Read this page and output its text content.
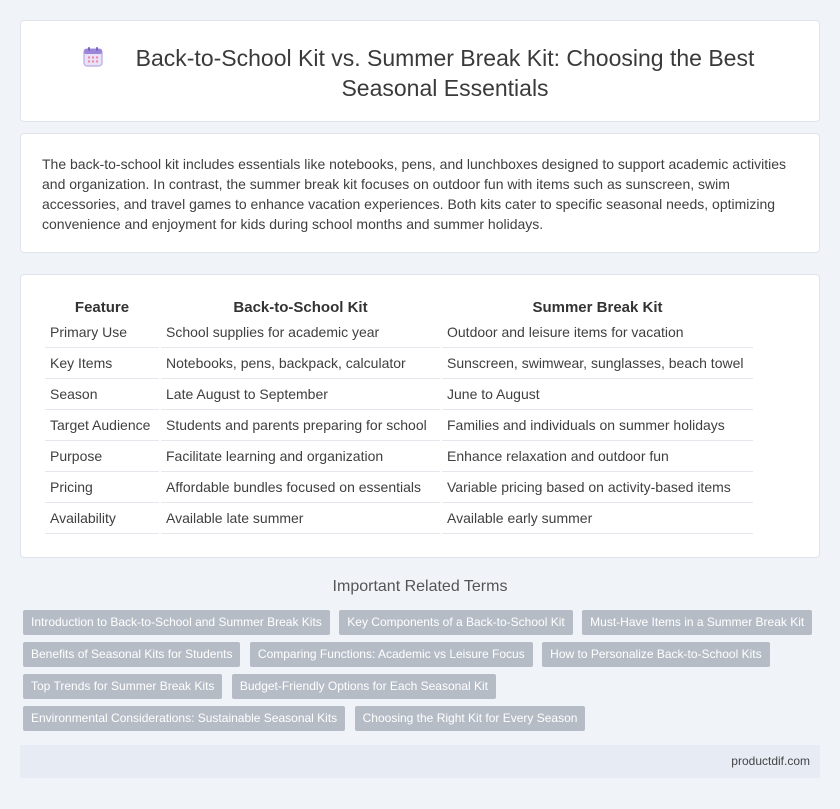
Back-to-School Kit vs. Summer Break Kit: Choosing the Best Seasonal Essentials

The back-to-school kit includes essentials like notebooks, pens, and lunchboxes designed to support academic activities and organization. In contrast, the summer break kit focuses on outdoor fun with items such as sunscreen, swim accessories, and travel games to enhance vacation experiences. Both kits cater to specific seasonal needs, optimizing convenience and enjoyment for kids during school months and summer holidays.

Feature	Back-to-School Kit	Summer Break Kit
Primary Use	School supplies for academic year	Outdoor and leisure items for vacation
Key Items	Notebooks, pens, backpack, calculator	Sunscreen, swimwear, sunglasses, beach towel
Season	Late August to September	June to August
Target Audience	Students and parents preparing for school	Families and individuals on summer holidays
Purpose	Facilitate learning and organization	Enhance relaxation and outdoor fun
Pricing	Affordable bundles focused on essentials	Variable pricing based on activity-based items
Availability	Available late summer	Available early summer
Important Related Terms
Introduction to Back-to-School and Summer Break Kits Key Components of a Back-to-School Kit Must-Have Items in a Summer Break Kit Benefits of Seasonal Kits for Students Comparing Functions: Academic vs Leisure Focus How to Personalize Back-to-School Kits Top Trends for Summer Break Kits Budget-Friendly Options for Each Seasonal Kit Environmental Considerations: Sustainable Seasonal Kits Choosing the Right Kit for Every Season
productdif.com
